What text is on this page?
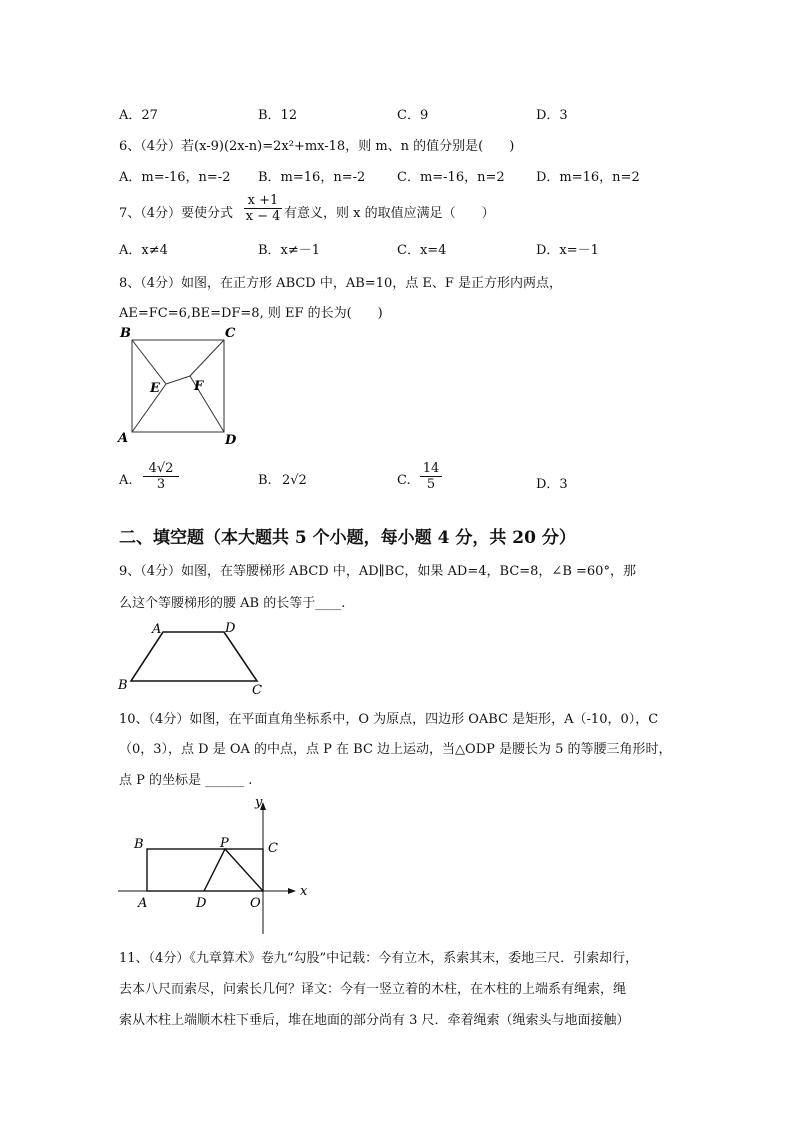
A．27	B．12	C．9	D．3
6、（4分）若(x-9)(2x-n)=2x²+mx-18，则 m、n 的值分别是(　　)
A．m=-16，n=-2 B．m=16，n=-2 C．m=-16，n=2 D．m=16，n=2
7、（4分）要使分式 $\frac{x +1}{x - 4}$ 有意义，则 x 的取值应满足（　　）
A．x≠4	B．x≠－1	C．x=4	D．x=－1
8、（4分）如图，在正方形 ABCD 中，AB=10，点 E、F 是正方形内两点，
AE=FC=6,BE=DF=8, 则 EF 的长为(　　)
B	C
E	F
A	D
A. $\frac{4√2}{3}$	B. 2√2	C. $\frac{14}{5}$	D．3
二、填空题（本大题共 5 个小题，每小题 4 分，共 20 分）
9、（4分）如图，在等腰梯形 ABCD 中，AD∥BC，如果 AD=4，BC=8，∠B =60°，那
么这个等腰梯形的腰 AB 的长等于____.
A	D
B	C
10、（4分）如图，在平面直角坐标系中，O 为原点，四边形 OABC 是矩形，A（-10，0），C
（0，3），点 D 是 OA 的中点，点 P 在 BC 边上运动，当△ODP 是腰长为 5 的等腰三角形时，
点 P 的坐标是 ______ .
y
x
B	P	C
A	D	O
11、（4分）《九章算术》卷九“勾股”中记载：今有立木，系索其末，委地三尺．引索却行，
去本八尺而索尽，问索长几何？译文：今有一竖立着的木柱，在木柱的上端系有绳索，绳
索从木柱上端顺木柱下垂后，堆在地面的部分尚有 3 尺．牵着绳索（绳索头与地面接触）
